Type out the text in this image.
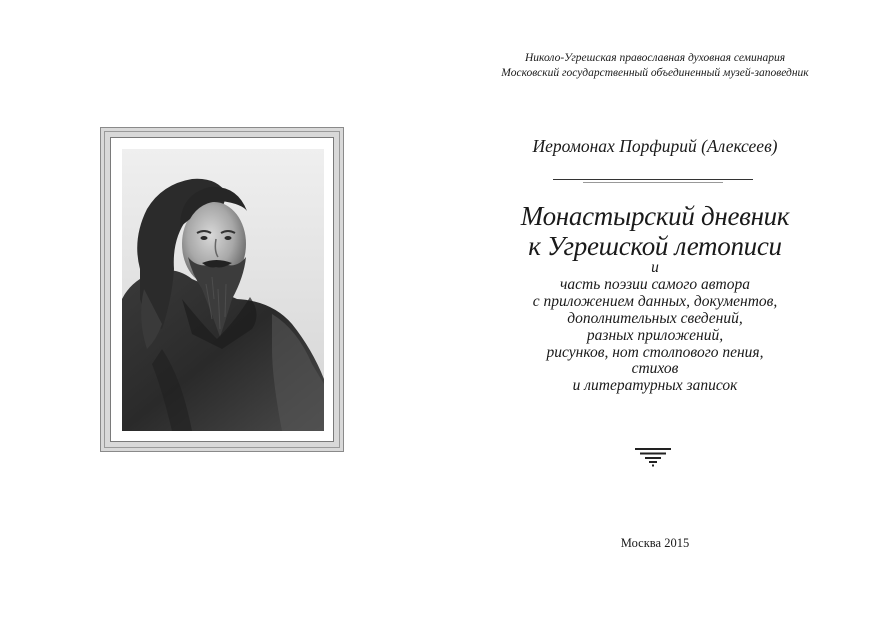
Николо-Угрешская православная духовная семинария
Московский государственный объединенный музей-заповедник
Иеромонах Порфирий (Алексеев)
Монастырский дневник
к Угрешской летописи
и
часть поэзии самого автора
с приложением данных, документов,
дополнительных сведений,
разных приложений,
рисунков, нот столпового пения,
стихов
и литературных записок
Москва 2015
